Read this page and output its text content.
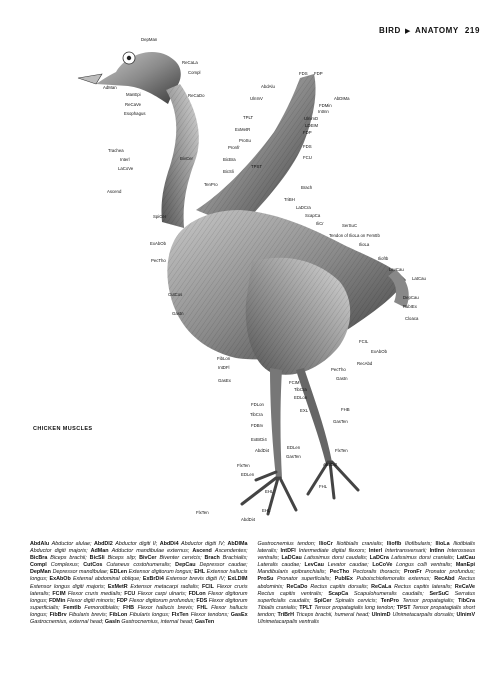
BIRD ▶ ANATOMY 219
DepMan
ReCaLa
Compl
AdMan
ManEpi	ReCaDo
ReCaVe
Esophagus
FDS FDP
AbdAlu
AbDIMa
FDMin
UlnInV
IntInn
TPLT	UlnimD
LDEIM
ExMetR
FDP
ProSu
FDS
Pronfr
FCU
Trachea
Interl	BivCer	BicBra
TPST
LaCoVe
BicSli
Brach
TenPro
Ascend
TriBH
LaDCra
ScapCa
IliCr
SpiCer
SerSuC
Tendon of IlioLa on FemtIb
ExAbOb	IlioLa
PecTho	IliofIb
LevCau
LatCau
CutCos
DepCau
PubIEx
Gastn
Cloaca
FCIL
ExAbOb
FibLon
RecAbd
IntDFl	PecTho
Gastn
GasEx	FCIM
TibCra
EDLon
FDLon
EXL	FHB
TibCra
GasTen
FDBrv
ExBrDi4
EDLen
AbdDi4
GasTen
FlxTen
FlxTen	AbdDi2
EDLen
FHL
EHL
FlxTen	EHL
AbdDi4
CHICKEN MUSCLES
AbdAlu Abductor alulae; AbdDI2 Abductor digiti II; AbdDi4 Abductor digiti IV; AbDIMa Abductor digiti majoris; AdMan Adductor mandibulae externus; Ascend Ascendentes; BicBra Biceps brachii; BicSli Biceps slip; BivCer Biventer cervicis; Brach Brachialis; Compl Complexus; CutCos Cutaneus costohumeralis; DepCau Depressor caudae; DepMan Depressor mandibulae; EDLen Extensor digitorum longus; EHL Extensor hallucis longus; ExAbOb External abdominal oblique; ExBrDi4 Extensor brevis digiti IV; ExLDIM Extensor longus digiti majoris; ExMetR Extensor metacarpi radialis; FCIL Flexor cruris lateralis; FCIM Flexor cruris medialis; FCU Flexor carpi ulnaris; FDLon Flexor digitorum longus; FDMin Flexor digiti minoris; FDP Flexor digitorum profundus; FDS Flexor digitorum superficialis; FemtIb Femorotibialis; FHB Flexor hallucis brevis; FHL Flexor hallucis longus; FibBrv Fibularis brevis; FibLon Fibularis longus; FlxTen Flexor tendons; GasEx Gastrocnemius, external head; GasIn Gastrocnemius, internal head; GasTen
Gastrocnemius tendon; IlioCr Iliotibialis cranialis; IliofIb Iliofibularis; IlioLa Iliotibialis lateralis; IntDFl Intermediate digital flexors; Interl Intertransversarii; IntInn Interosseus ventralis; LaDCau Latissimus dorsi caudalis; LaDCra Latissimus dorsi cranialis; LatCau Lateralis caudae; LevCau Levator caudae; LoCoVe Longus colli ventralis; ManEpi Mandibularis epibranchialis; PecTho Pectoralis thoracis; PronFr Pronator profundus; ProSu Pronator superficialis; PubIEx Puboischiofemoralis externus; RecAbd Rectus abdominis; ReCaDo Rectus capitis dorsalis; ReCaLa Rectus capitis lateralis; ReCaVe Rectus capitis ventralis; ScapCa Scapulohumeralis caudalis; SerSuC Serratus superficialis caudalis; SpiCer Spinalis cervicis; TenPro Tensor propatagialis; TibCra Tibialis cranialis; TPLT Tensor propatagialis long tendon; TPST Tensor propatagialis short tendon; TriBrH Triceps brachii, humeral head; UlnimD Ulnimetacarpalis dorsalis; UlnimV Ulnimetacarpalis ventralis
